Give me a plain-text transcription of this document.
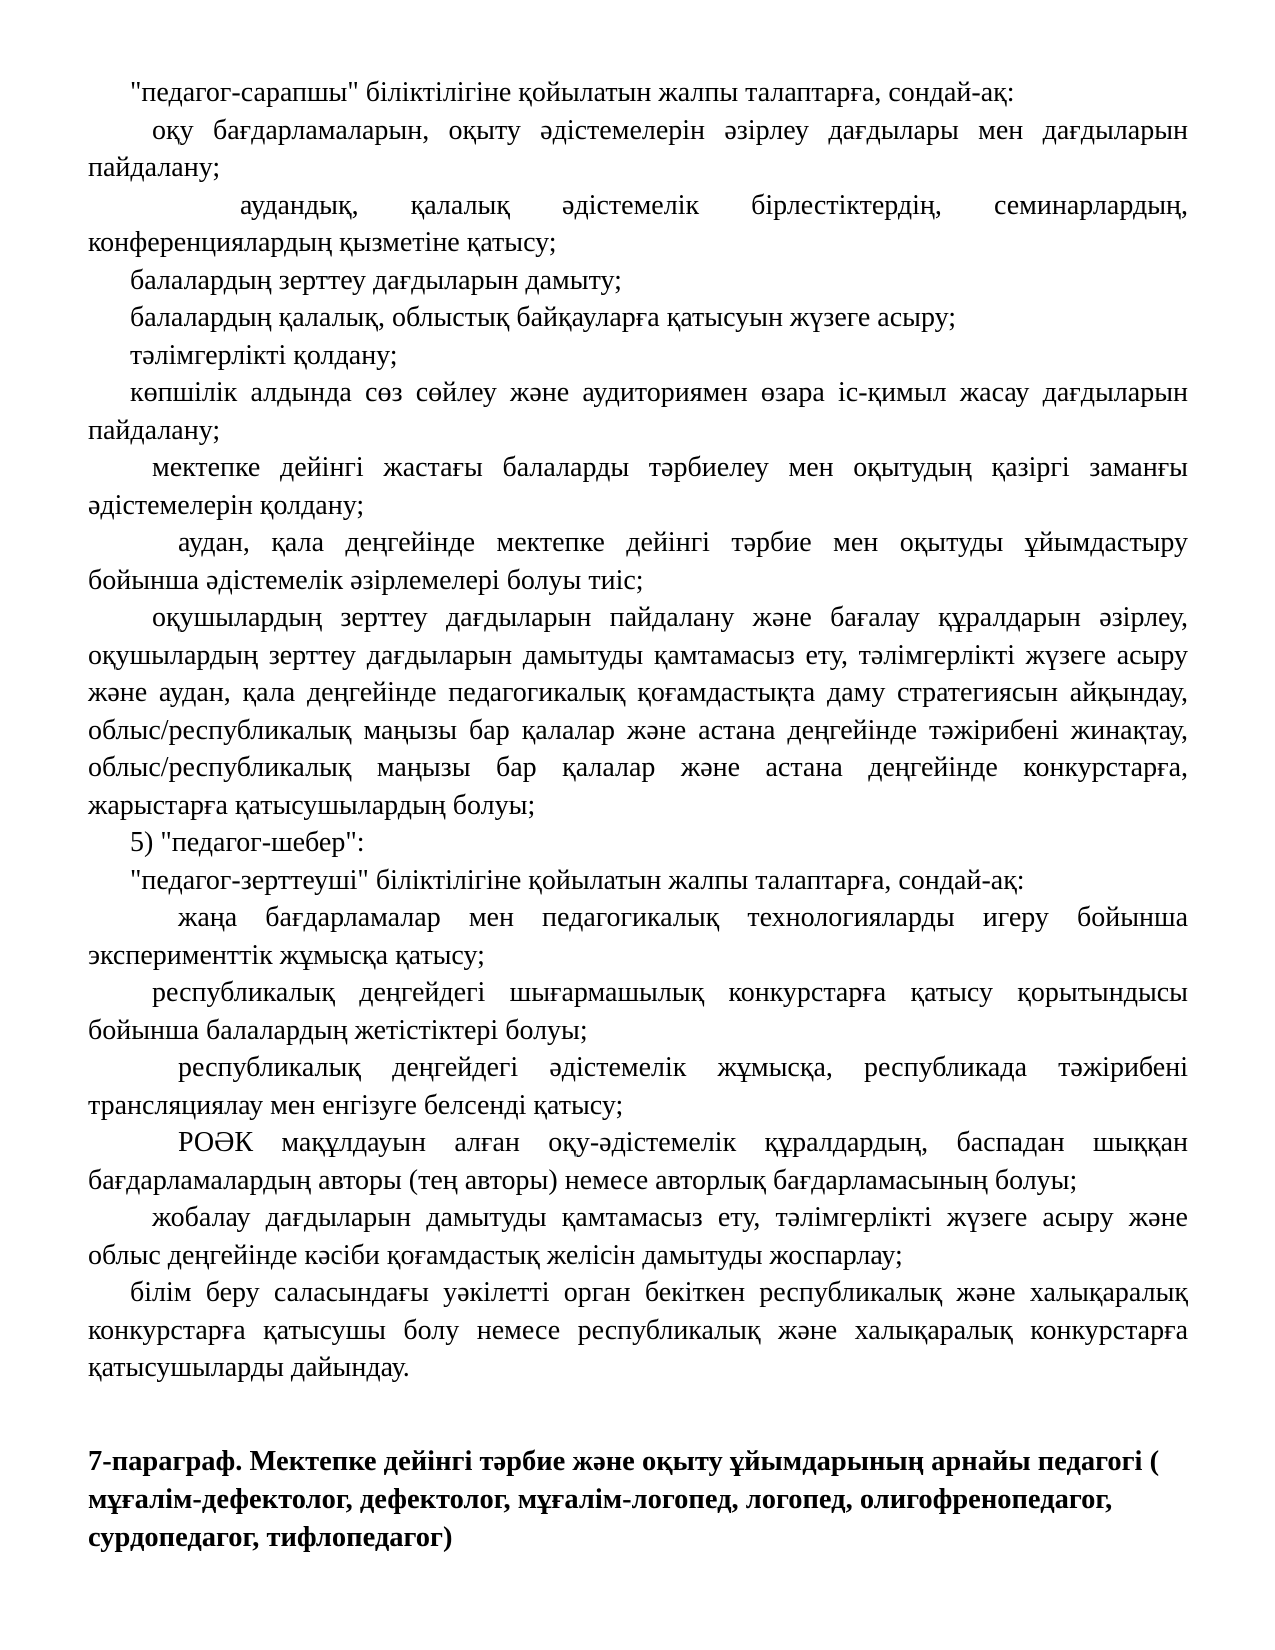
"педагог-сарапшы" біліктілігіне қойылатын жалпы талаптарға, сондай-ақ:

оқу бағдарламаларын, оқыту әдістемелерін әзірлеу дағдылары мен дағдыларын пайдалану;

аудандық, қалалық әдістемелік бірлестіктердің, семинарлардың, конференциялардың қызметіне қатысу;

балалардың зерттеу дағдыларын дамыту;

балалардың қалалық, облыстық байқауларға қатысуын жүзеге асыру;

тәлімгерлікті қолдану;

көпшілік алдында сөз сөйлеу және аудиториямен өзара іс-қимыл жасау дағдыларын пайдалану;

мектепке дейінгі жастағы балаларды тәрбиелеу мен оқытудың қазіргі заманғы әдістемелерін қолдану;

аудан, қала деңгейінде мектепке дейінгі тәрбие мен оқытуды ұйымдастыру бойынша әдістемелік әзірлемелері болуы тиіс;

оқушылардың зерттеу дағдыларын пайдалану және бағалау құралдарын әзірлеу, оқушылардың зерттеу дағдыларын дамытуды қамтамасыз ету, тәлімгерлікті жүзеге асыру және аудан, қала деңгейінде педагогикалық қоғамдастықта даму стратегиясын айқындау, облыс/республикалық маңызы бар қалалар және астана деңгейінде тәжірибені жинақтау, облыс/республикалық маңызы бар қалалар және астана деңгейінде конкурстарға, жарыстарға қатысушылардың болуы;

5) "педагог-шебер":

"педагог-зерттеуші" біліктілігіне қойылатын жалпы талаптарға, сондай-ақ:

жаңа бағдарламалар мен педагогикалық технологияларды игеру бойынша эксперименттік жұмысқа қатысу;

республикалық деңгейдегі шығармашылық конкурстарға қатысу қорытындысы бойынша балалардың жетістіктері болуы;

республикалық деңгейдегі әдістемелік жұмысқа, республикада тәжірибені трансляциялау мен енгізуге белсенді қатысу;

РОӘК мақұлдауын алған оқу-әдістемелік құралдардың, баспадан шыққан бағдарламалардың авторы (тең авторы) немесе авторлық бағдарламасының болуы;

жобалау дағдыларын дамытуды қамтамасыз ету, тәлімгерлікті жүзеге асыру және облыс деңгейінде кәсіби қоғамдастық желісін дамытуды жоспарлау;

білім беру саласындағы уәкілетті орган бекіткен республикалық және халықаралық конкурстарға қатысушы болу немесе республикалық және халықаралық конкурстарға қатысушыларды дайындау.

7-параграф. Мектепке дейінгі тәрбие және оқыту ұйымдарының арнайы педагогі ( мұғалім-дефектолог, дефектолог, мұғалім-логопед, логопед, олигофренопедагог, сурдопедагог, тифлопедагог)
